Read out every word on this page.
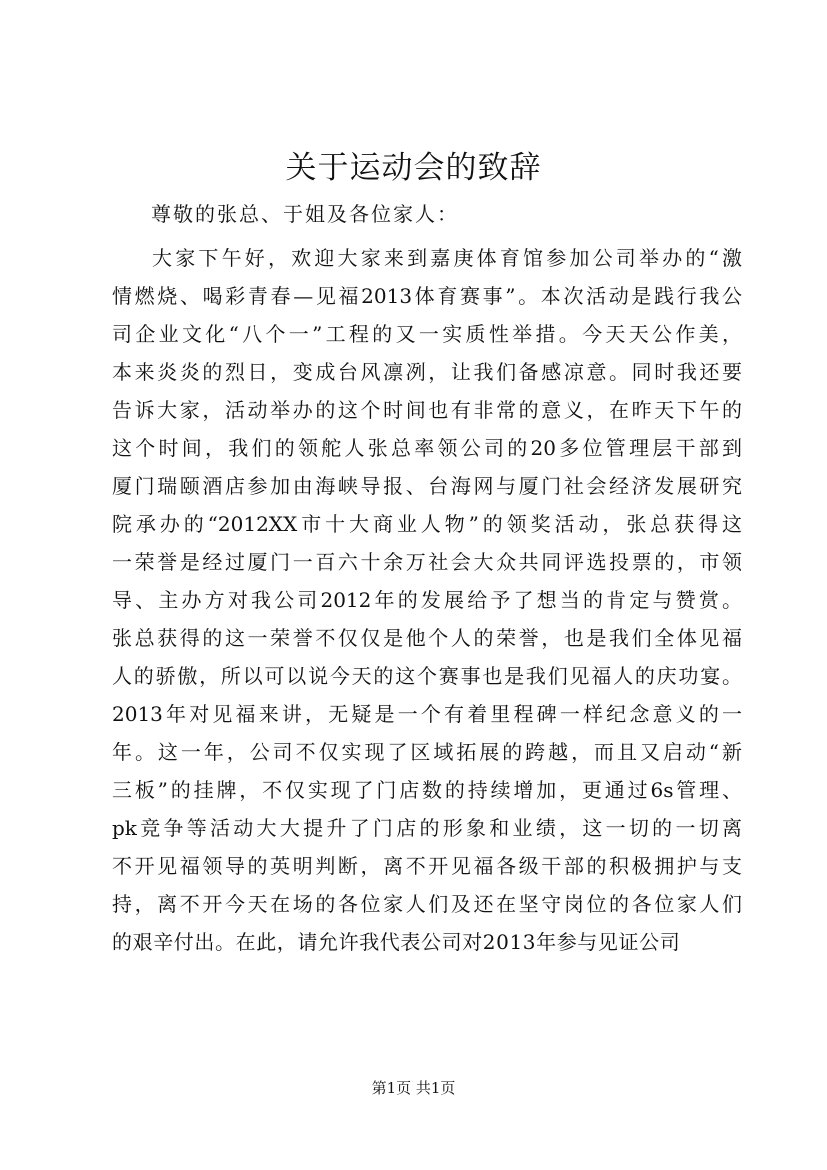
关于运动会的致辞
尊敬的张总、于姐及各位家人：
大家下午好，欢迎大家来到嘉庚体育馆参加公司举办的“激
情燃烧、喝彩青春—见福2013体育赛事”。本次活动是践行我公
司企业文化“八个一”工程的又一实质性举措。今天天公作美，
本来炎炎的烈日，变成台风凛冽，让我们备感凉意。同时我还要
告诉大家，活动举办的这个时间也有非常的意义，在昨天下午的
这个时间，我们的领舵人张总率领公司的20多位管理层干部到
厦门瑞颐酒店参加由海峡导报、台海网与厦门社会经济发展研究
院承办的“2012XX市十大商业人物”的领奖活动，张总获得这
一荣誉是经过厦门一百六十余万社会大众共同评选投票的，市领
导、主办方对我公司2012年的发展给予了想当的肯定与赞赏。
张总获得的这一荣誉不仅仅是他个人的荣誉，也是我们全体见福
人的骄傲，所以可以说今天的这个赛事也是我们见福人的庆功宴。
2013年对见福来讲，无疑是一个有着里程碑一样纪念意义的一
年。这一年，公司不仅实现了区域拓展的跨越，而且又启动“新
三板”的挂牌，不仅实现了门店数的持续增加，更通过6s管理、
pk竞争等活动大大提升了门店的形象和业绩，这一切的一切离
不开见福领导的英明判断，离不开见福各级干部的积极拥护与支
持，离不开今天在场的各位家人们及还在坚守岗位的各位家人们
的艰辛付出。在此，请允许我代表公司对2013年参与见证公司
第1页 共1页
